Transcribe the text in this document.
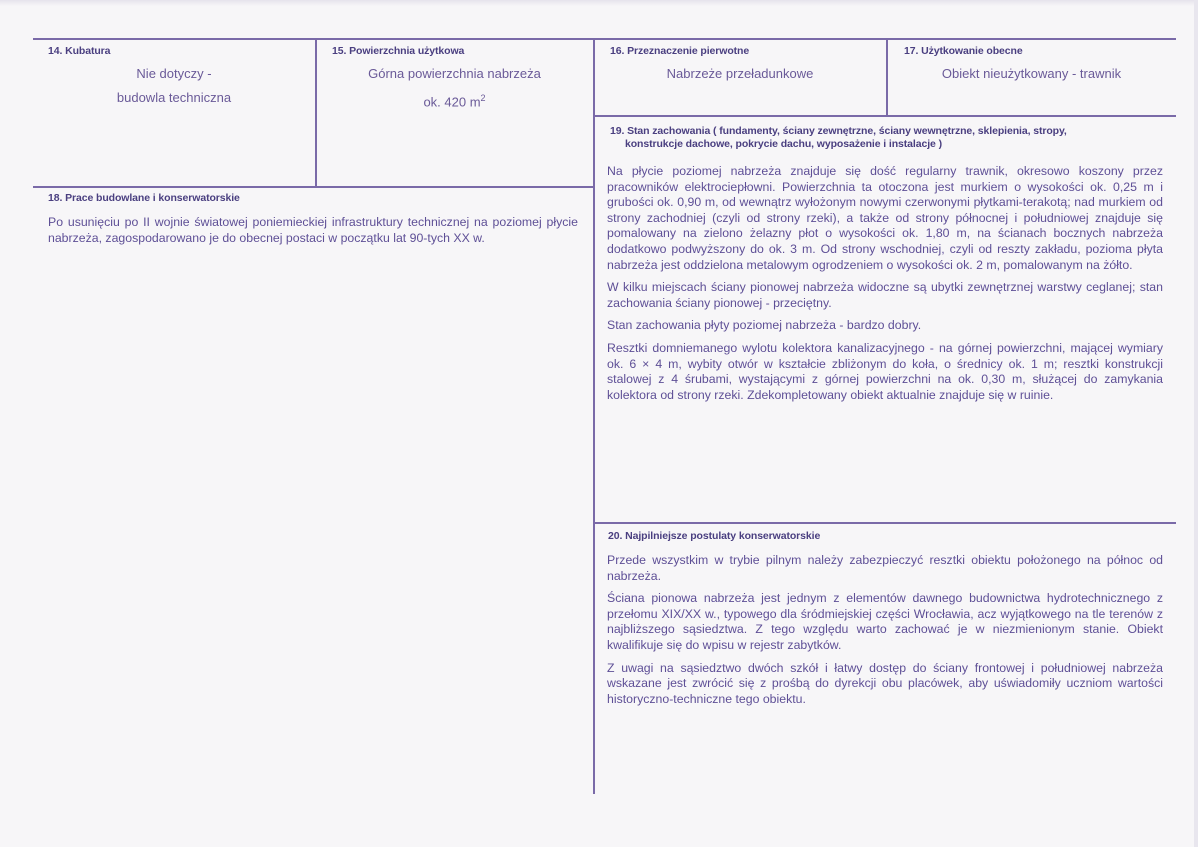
14. Kubatura
Nie dotyczy -
budowla techniczna
15. Powierzchnia użytkowa
Górna powierzchnia nabrzeża
ok. 420 $m^2$
16. Przeznaczenie pierwotne
Nabrzeże przeładunkowe
17. Użytkowanie obecne
Obiekt nieużytkowany - trawnik
18. Prace budowlane i konserwatorskie

Po usunięciu po II wojnie światowej poniemieckiej infrastruktury technicznej na poziomej płycie nabrzeża, zagospodarowano je do obecnej postaci w początku lat 90-tych XX w.

19. Stan zachowania ( fundamenty, ściany zewnętrzne, ściany wewnętrzne, sklepienia, stropy,
konstrukcje dachowe, pokrycie dachu, wyposażenie i instalacje )

Na płycie poziomej nabrzeża znajduje się dość regularny trawnik, okresowo koszony przez pracowników elektrociepłowni. Powierzchnia ta otoczona jest murkiem o wysokości ok. 0,25 m i grubości ok. 0,90 m, od wewnątrz wyłożonym nowymi czerwonymi płytkami-terakotą; nad murkiem od strony zachodniej (czyli od strony rzeki), a także od strony północnej i południowej znajduje się pomalowany na zielono żelazny płot o wysokości ok. 1,80 m, na ścianach bocznych nabrzeża dodatkowo podwyższony do ok. 3 m. Od strony wschodniej, czyli od reszty zakładu, pozioma płyta nabrzeża jest oddzielona metalowym ogrodzeniem o wysokości ok. 2 m, pomalowanym na żółto.

W kilku miejscach ściany pionowej nabrzeża widoczne są ubytki zewnętrznej warstwy ceglanej; stan zachowania ściany pionowej - przeciętny.

Stan zachowania płyty poziomej nabrzeża - bardzo dobry.

Resztki domniemanego wylotu kolektora kanalizacyjnego - na górnej powierzchni, mającej wymiary ok. 6 × 4 m, wybity otwór w kształcie zbliżonym do koła, o średnicy ok. 1 m; resztki konstrukcji stalowej z 4 śrubami, wystającymi z górnej powierzchni na ok. 0,30 m, służącej do zamykania kolektora od strony rzeki. Zdekompletowany obiekt aktualnie znajduje się w ruinie.

20. Najpilniejsze postulaty konserwatorskie

Przede wszystkim w trybie pilnym należy zabezpieczyć resztki obiektu położonego na północ od nabrzeża.

Ściana pionowa nabrzeża jest jednym z elementów dawnego budownictwa hydrotechnicznego z przełomu XIX/XX w., typowego dla śródmiejskiej części Wrocławia, acz wyjątkowego na tle terenów z najbliższego sąsiedztwa. Z tego względu warto zachować je w niezmienionym stanie. Obiekt kwalifikuje się do wpisu w rejestr zabytków.

Z uwagi na sąsiedztwo dwóch szkół i łatwy dostęp do ściany frontowej i południowej nabrzeża wskazane jest zwrócić się z prośbą do dyrekcji obu placówek, aby uświadomiły uczniom wartości historyczno-techniczne tego obiektu.
